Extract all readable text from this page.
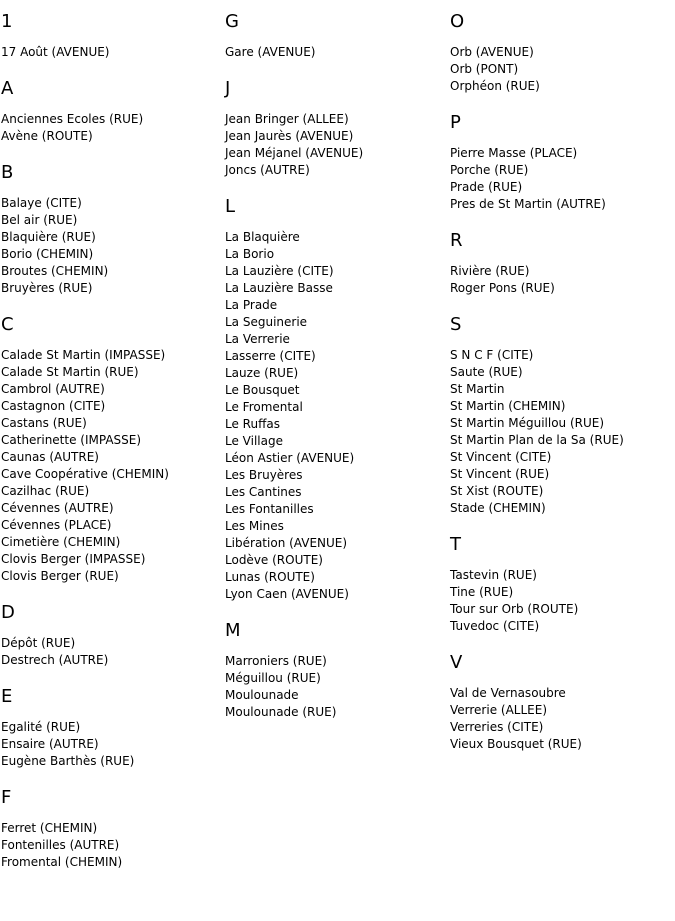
1
17 Août (AVENUE)
A
Anciennes Ecoles (RUE)
Avène (ROUTE)
B
Balaye (CITE)
Bel air (RUE)
Blaquière (RUE)
Borio (CHEMIN)
Broutes (CHEMIN)
Bruyères (RUE)
C
Calade St Martin (IMPASSE)
Calade St Martin (RUE)
Cambrol (AUTRE)
Castagnon (CITE)
Castans (RUE)
Catherinette (IMPASSE)
Caunas (AUTRE)
Cave Coopérative (CHEMIN)
Cazilhac (RUE)
Cévennes (AUTRE)
Cévennes (PLACE)
Cimetière (CHEMIN)
Clovis Berger (IMPASSE)
Clovis Berger (RUE)
D
Dépôt (RUE)
Destrech (AUTRE)
E
Egalité (RUE)
Ensaire (AUTRE)
Eugène Barthès (RUE)
F
Ferret (CHEMIN)
Fontenilles (AUTRE)
Fromental (CHEMIN)
G
Gare (AVENUE)
J
Jean Bringer (ALLEE)
Jean Jaurès (AVENUE)
Jean Méjanel (AVENUE)
Joncs (AUTRE)
L
La Blaquière
La Borio
La Lauzière (CITE)
La Lauzière Basse
La Prade
La Seguinerie
La Verrerie
Lasserre (CITE)
Lauze (RUE)
Le Bousquet
Le Fromental
Le Ruffas
Le Village
Léon Astier (AVENUE)
Les Bruyères
Les Cantines
Les Fontanilles
Les Mines
Libération (AVENUE)
Lodève (ROUTE)
Lunas (ROUTE)
Lyon Caen (AVENUE)
M
Marroniers (RUE)
Méguillou (RUE)
Moulounade
Moulounade (RUE)
O
Orb (AVENUE)
Orb (PONT)
Orphéon (RUE)
P
Pierre Masse (PLACE)
Porche (RUE)
Prade (RUE)
Pres de St Martin (AUTRE)
R
Rivière (RUE)
Roger Pons (RUE)
S
S N C F (CITE)
Saute (RUE)
St Martin
St Martin (CHEMIN)
St Martin Méguillou (RUE)
St Martin Plan de la Sa (RUE)
St Vincent (CITE)
St Vincent (RUE)
St Xist (ROUTE)
Stade (CHEMIN)
T
Tastevin (RUE)
Tine (RUE)
Tour sur Orb (ROUTE)
Tuvedoc (CITE)
V
Val de Vernasoubre
Verrerie (ALLEE)
Verreries (CITE)
Vieux Bousquet (RUE)
